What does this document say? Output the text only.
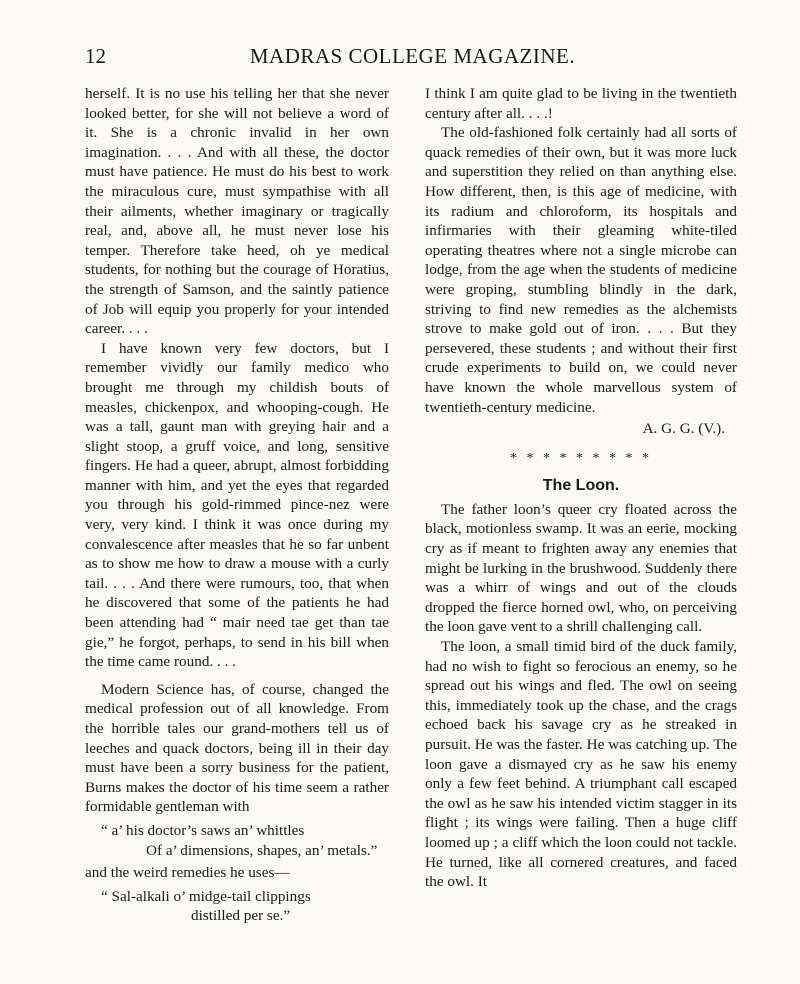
12	MADRAS COLLEGE MAGAZINE.

herself. It is no use his telling her that she never looked better, for she will not believe a word of it. She is a chronic invalid in her own imagination. . . . And with all these, the doctor must have patience. He must do his best to work the miraculous cure, must sympathise with all their ailments, whether imaginary or tragically real, and, above all, he must never lose his temper. Therefore take heed, oh ye medical students, for nothing but the courage of Horatius, the strength of Samson, and the saintly patience of Job will equip you properly for your intended career. . . .

I have known very few doctors, but I remember vividly our family medico who brought me through my childish bouts of measles, chickenpox, and whooping-cough. He was a tall, gaunt man with greying hair and a slight stoop, a gruff voice, and long, sensitive fingers. He had a queer, abrupt, almost forbidding manner with him, and yet the eyes that regarded you through his gold-rimmed pince-nez were very, very kind. I think it was once during my convalescence after measles that he so far unbent as to show me how to draw a mouse with a curly tail. . . . And there were rumours, too, that when he discovered that some of the patients he had been attending had “ mair need tae get than tae gie,” he forgot, perhaps, to send in his bill when the time came round. . . .

Modern Science has, of course, changed the medical profession out of all knowledge. From the horrible tales our grand-mothers tell us of leeches and quack doctors, being ill in their day must have been a sorry business for the patient, Burns makes the doctor of his time seem a rather formidable gentleman with

“ a’ his doctor’s saws an’ whittles
Of a’ dimensions, shapes, an’ metals.”

and the weird remedies he uses—

“ Sal-alkali o’ midge-tail clippings
distilled per se.”

I think I am quite glad to be living in the twentieth century after all. . . .!

The old-fashioned folk certainly had all sorts of quack remedies of their own, but it was more luck and superstition they relied on than anything else. How different, then, is this age of medicine, with its radium and chloroform, its hospitals and infirmaries with their gleaming white-tiled operating theatres where not a single microbe can lodge, from the age when the students of medicine were groping, stumbling blindly in the dark, striving to find new remedies as the alchemists strove to make gold out of iron. . . . But they persevered, these students ; and without their first crude experiments to build on, we could never have known the whole marvellous system of twentieth-century medicine.

A. G. G. (V.).
* * * * * * * * *
The Loon.

The father loon’s queer cry floated across the black, motionless swamp. It was an eerie, mocking cry as if meant to frighten away any enemies that might be lurking in the brushwood. Suddenly there was a whirr of wings and out of the clouds dropped the fierce horned owl, who, on perceiving the loon gave vent to a shrill challenging call.

The loon, a small timid bird of the duck family, had no wish to fight so ferocious an enemy, so he spread out his wings and fled. The owl on seeing this, immediately took up the chase, and the crags echoed back his savage cry as he streaked in pursuit. He was the faster. He was catching up. The loon gave a dismayed cry as he saw his enemy only a few feet behind. A triumphant call escaped the owl as he saw his intended victim stagger in its flight ; its wings were failing. Then a huge cliff loomed up ; a cliff which the loon could not tackle. He turned, like all cornered creatures, and faced the owl. It
